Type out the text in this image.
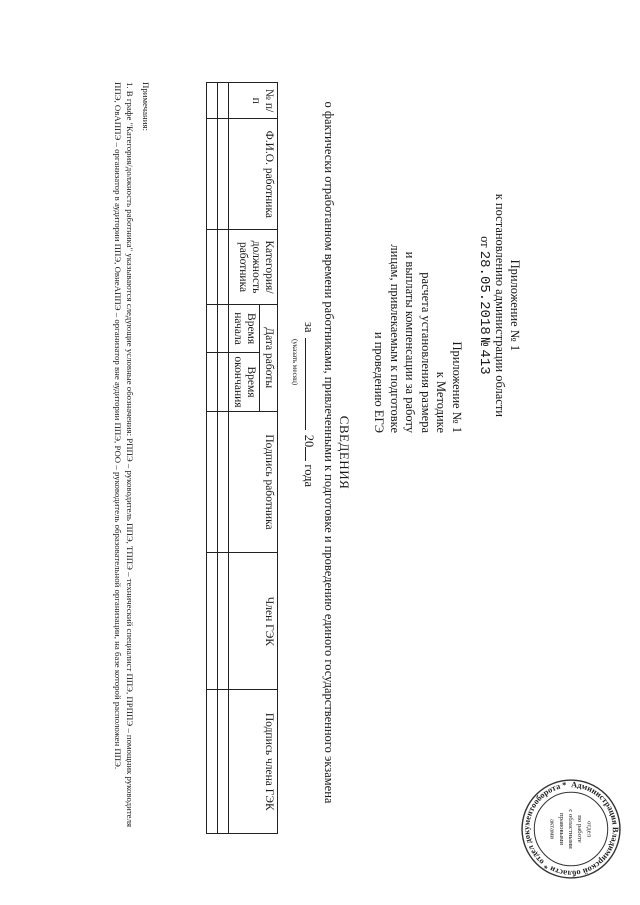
Приложение № 1
к постановлению администрации области
от 28.05.2018 № 413
Приложение № 1
к Методике
расчета установления размера
и выплаты компенсации за работу
лицам, привлекаемым к подготовке
и проведению ЕГЭ
СВЕДЕНИЯ
о фактически отработанном времени работниками, привлеченными к подготовке и проведению единого государственного экзамена
за  20 года
(указать месяц)
№ п/п	Ф.И.О. работника	Категория/ должность работника	Дата работы		Подпись работника	Член ГЭК	Подпись члена ГЭК
			Время начала	Время окончания			

Примечания:
1. В графе "Категория/должность работника" указываются следующие условные обозначения: РППЭ – руководитель ППЭ, ТППЭ – технический специалист ППЭ, ПРППЭ – помощник руководителя ППЭ, ОвАППЭ – организатор в аудитории ППЭ, ОвнеАППЭ – организатор вне аудитории ППЭ, РОО – руководитель образовательной организации, на базе которой расположен ППЭ.
Администрация Владимирской области * отдел документооборота *
отдел
по работе
с областными
правовыми
актами
